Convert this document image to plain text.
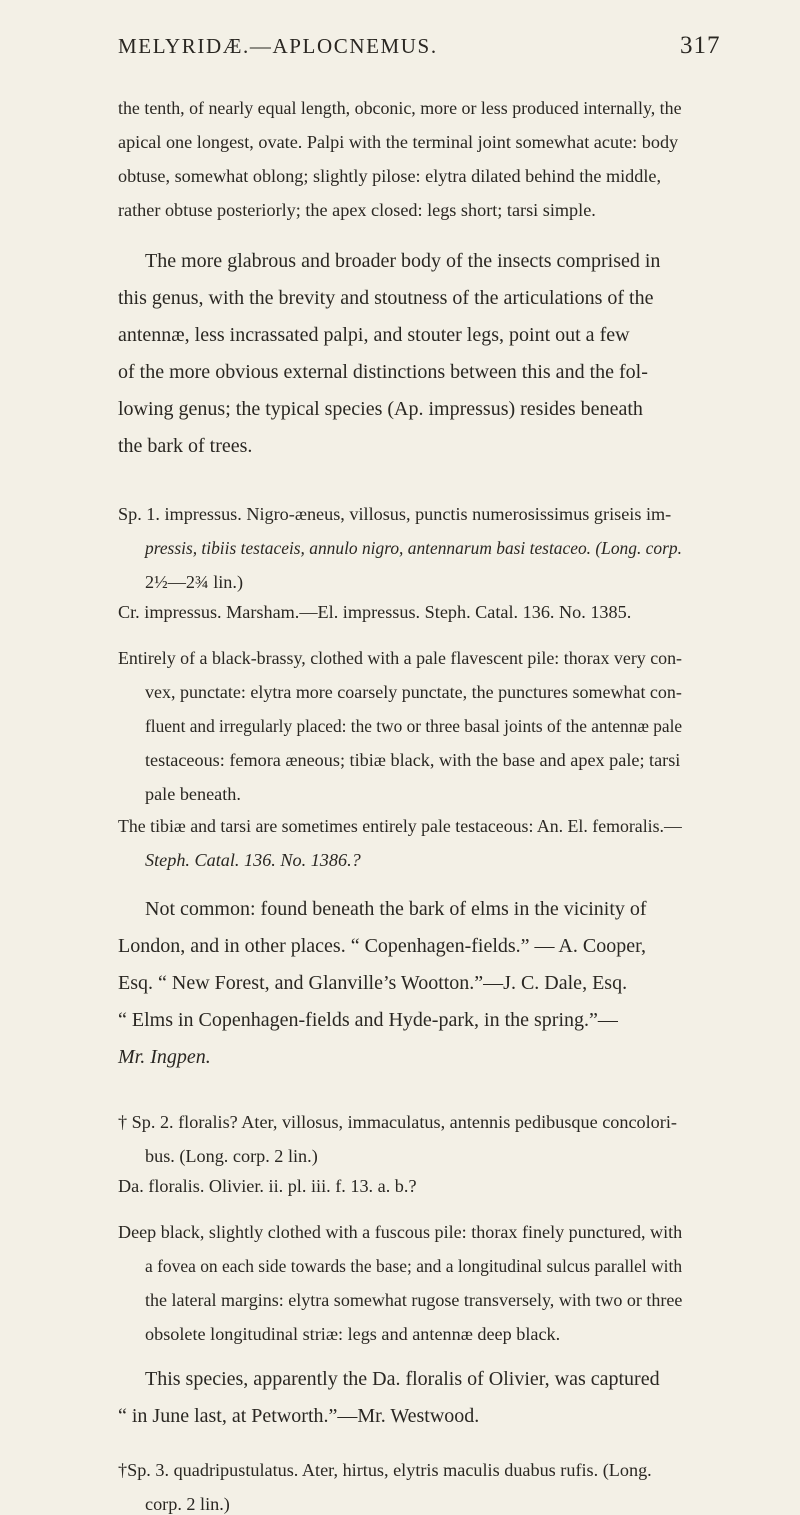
MELYRIDÆ.—APLOCNEMUS.	317
the tenth, of nearly equal length, obconic, more or less produced internally, the
apical one longest, ovate. Palpi with the terminal joint somewhat acute: body
obtuse, somewhat oblong; slightly pilose: elytra dilated behind the middle,
rather obtuse posteriorly; the apex closed: legs short; tarsi simple.
The more glabrous and broader body of the insects comprised in
this genus, with the brevity and stoutness of the articulations of the
antennæ, less incrassated palpi, and stouter legs, point out a few
of the more obvious external distinctions between this and the fol-
lowing genus; the typical species (Ap. impressus) resides beneath
the bark of trees.
Sp. 1. impressus. Nigro-æneus, villosus, punctis numerosissimus griseis im-
pressis, tibiis testaceis, annulo nigro, antennarum basi testaceo. (Long. corp.
2½—2¾ lin.)
Cr. impressus. Marsham.—El. impressus. Steph. Catal. 136. No. 1385.
Entirely of a black-brassy, clothed with a pale flavescent pile: thorax very con-
vex, punctate: elytra more coarsely punctate, the punctures somewhat con-
fluent and irregularly placed: the two or three basal joints of the antennæ pale
testaceous: femora æneous; tibiæ black, with the base and apex pale; tarsi
pale beneath.
The tibiæ and tarsi are sometimes entirely pale testaceous: An. El. femoralis.—
Steph. Catal. 136. No. 1386.?
Not common: found beneath the bark of elms in the vicinity of
London, and in other places. “ Copenhagen-fields.” — A. Cooper,
Esq. “ New Forest, and Glanville’s Wootton.”—J. C. Dale, Esq.
“ Elms in Copenhagen-fields and Hyde-park, in the spring.”—
Mr. Ingpen.
† Sp. 2. floralis? Ater, villosus, immaculatus, antennis pedibusque concolori-
bus. (Long. corp. 2 lin.)
Da. floralis. Olivier. ii. pl. iii. f. 13. a. b.?
Deep black, slightly clothed with a fuscous pile: thorax finely punctured, with
a fovea on each side towards the base; and a longitudinal sulcus parallel with
the lateral margins: elytra somewhat rugose transversely, with two or three
obsolete longitudinal striæ: legs and antennæ deep black.
This species, apparently the Da. floralis of Olivier, was captured
“ in June last, at Petworth.”—Mr. Westwood.
†Sp. 3. quadripustulatus. Ater, hirtus, elytris maculis duabus rufis. (Long.
corp. 2 lin.)
